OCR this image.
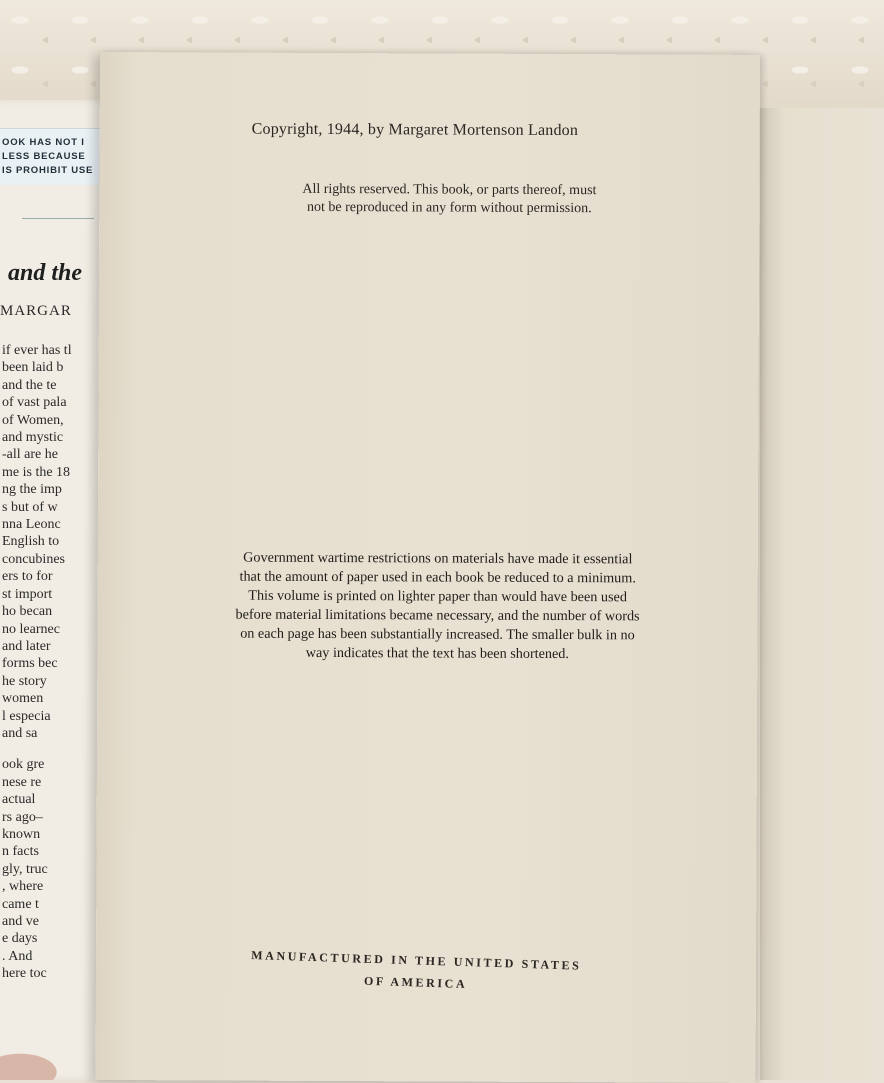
OOK HAS NOT I
LESS BECAUSE
IS PROHIBIT USE
and the
MARGAR
if ever has tl
been laid b
and the te
of vast pala
of Women,
and mystic
-all are he
me is the 18
ng the imp
s but of w
nna Leonc
English to
concubines
ers to for
st import
ho becan
no learnec
and later
forms bec
he story
women
l especia
and sa
ook gre
nese re
actual
rs ago–
known
n facts
gly, truc
, where
came t
and ve
e days
. And
here toc
Copyright, 1944, by Margaret Mortenson Landon
All rights reserved. This book, or parts thereof, must
not be reproduced in any form without permission.
Government wartime restrictions on materials have made it essential
that the amount of paper used in each book be reduced to a minimum.
This volume is printed on lighter paper than would have been used
before material limitations became necessary, and the number of words
on each page has been substantially increased. The smaller bulk in no
way indicates that the text has been shortened.
MANUFACTURED IN THE UNITED STATES
OF AMERICA
